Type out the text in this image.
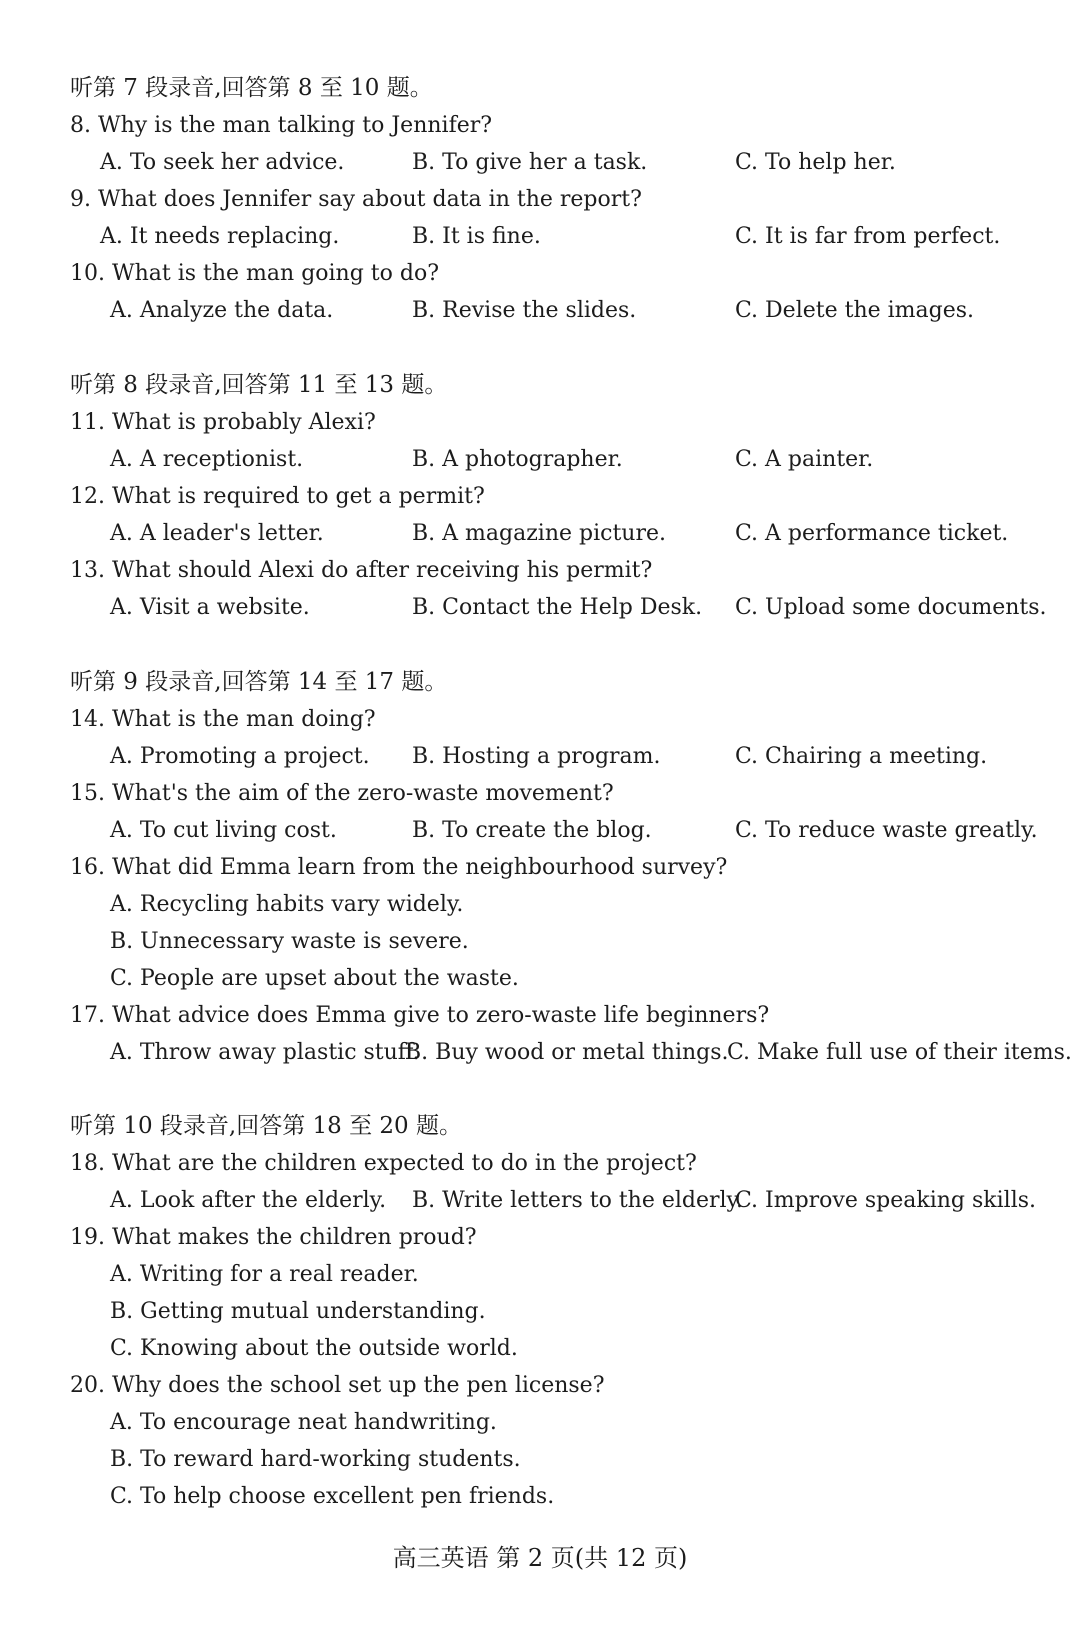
听第 7 段录音,回答第 8 至 10 题。
8. Why is the man talking to Jennifer?
A. To seek her advice.	B. To give her a task.	C. To help her.
9. What does Jennifer say about data in the report?
A. It needs replacing.	B. It is fine.	C. It is far from perfect.
10. What is the man going to do?
A. Analyze the data.	B. Revise the slides.	C. Delete the images.
听第 8 段录音,回答第 11 至 13 题。
11. What is probably Alexi?
A. A receptionist.	B. A photographer.	C. A painter.
12. What is required to get a permit?
A. A leader's letter.	B. A magazine picture.	C. A performance ticket.
13. What should Alexi do after receiving his permit?
A. Visit a website.	B. Contact the Help Desk. C. Upload some documents.
听第 9 段录音,回答第 14 至 17 题。
14. What is the man doing?
A. Promoting a project. B. Hosting a program.	C. Chairing a meeting.
15. What's the aim of the zero-waste movement?
A. To cut living cost.	B. To create the blog.	C. To reduce waste greatly.
16. What did Emma learn from the neighbourhood survey?
A. Recycling habits vary widely.
B. Unnecessary waste is severe.
C. People are upset about the waste.
17. What advice does Emma give to zero-waste life beginners?
A. Throw away plastic stuff.
B. Buy wood or metal things.
C. Make full use of their items.
听第 10 段录音,回答第 18 至 20 题。
18. What are the children expected to do in the project?
A. Look after the elderly. B. Write letters to the elderly.
C. Improve speaking skills.
19. What makes the children proud?
A. Writing for a real reader.
B. Getting mutual understanding.
C. Knowing about the outside world.
20. Why does the school set up the pen license?
A. To encourage neat handwriting.
B. To reward hard-working students.
C. To help choose excellent pen friends.
高三英语 第 2 页(共 12 页)
